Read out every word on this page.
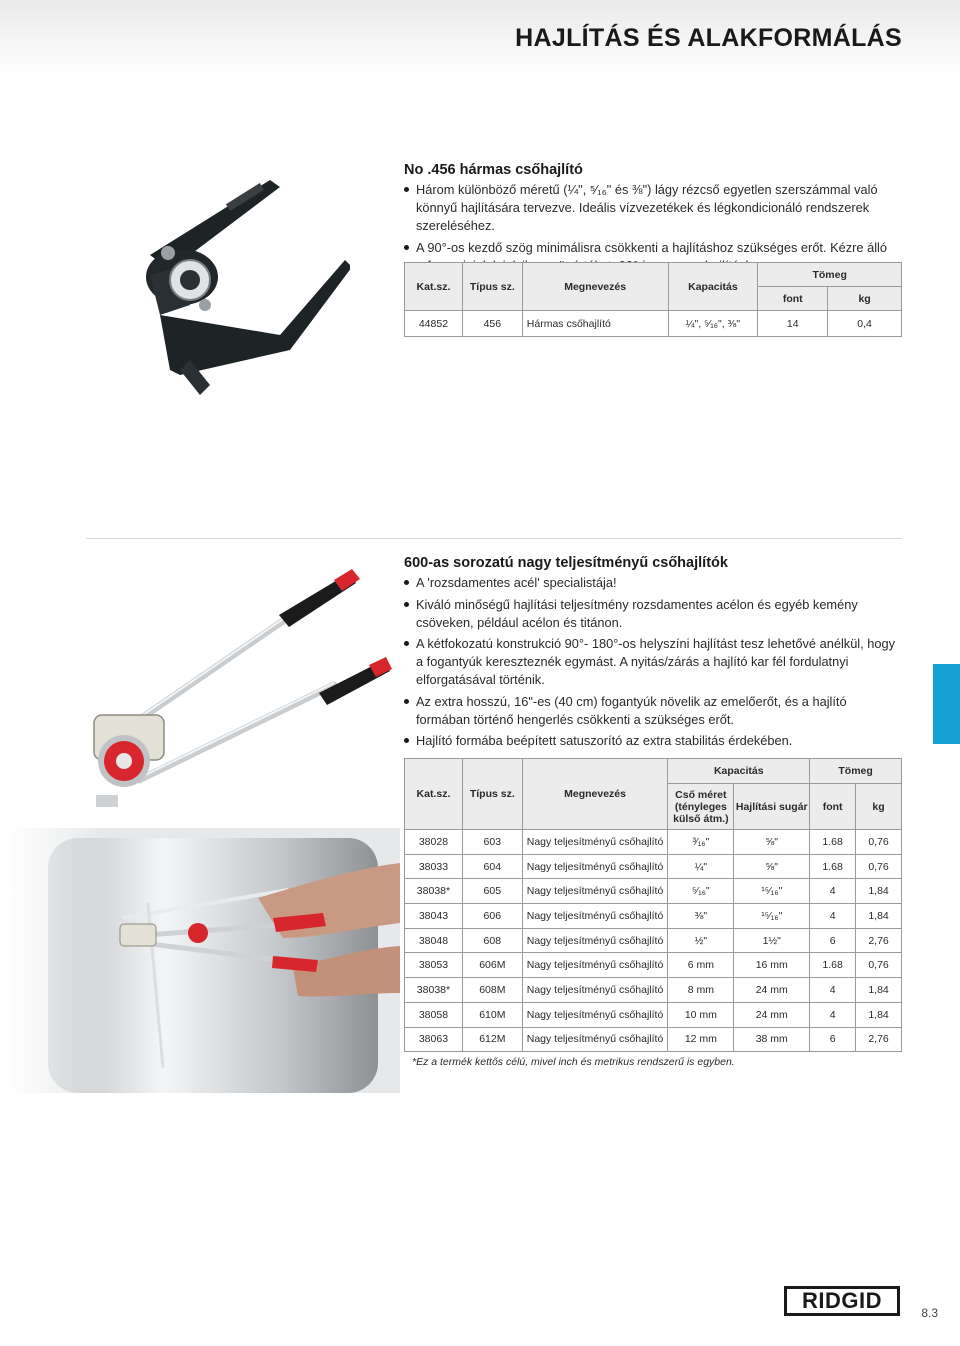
HAJLÍTÁS ÉS ALAKFORMÁLÁS
No .456 hármas csőhajlító
Három különböző méretű (¼", ⁵⁄₁₆" és ⅜") lágy rézcső egyetlen szerszámmal való könnyű hajlítására tervezve. Ideális vízvezetékek és légkondicionáló rendszerek szereléséhez.
A 90°-os kezdő szög minimálisra csökkenti a hajlításhoz szükséges erőt. Kézre álló
Kat.sz.	Típus sz.	Megnevezés	Kapacitás	Tömeg	
				font	kg
44852	456	Hármas csőhajlító	¼", ⁵⁄₁₆", ⅜"	14	0,4
600-as sorozatú nagy teljesítményű csőhajlítók
A 'rozsdamentes acél' specialistája!
Kiváló minőségű hajlítási teljesítmény rozsdamentes acélon és egyéb kemény csöveken, például acélon és titánon.
A kétfokozatú konstrukció 90°- 180°-os helyszíni hajlítást tesz lehetővé anélkül, hogy a fogantyúk kereszteznék egymást. A nyitás/zárás a hajlító kar fél fordulatnyi elforgatásával történik.
Az extra hosszú, 16"-es (40 cm) fogantyúk növelik az emelőerőt, és a hajlító formában történő hengerlés csökkenti a szükséges erőt.
Hajlító formába beépített satuszorító az extra stabilitás érdekében.
Kat.sz.	Típus sz.	Megnevezés	Kapacitás		Tömeg	
			Cső méret (tényleges külső átm.)	Hajlítási sugár	font	kg
38028	603	Nagy teljesítményű csőhajlító	³⁄₁₆"	⅝"	1.68	0,76
38033	604	Nagy teljesítményű csőhajlító	¼"	⅝"	1.68	0,76
38038*	605	Nagy teljesítményű csőhajlító	⁵⁄₁₆"	¹⁵⁄₁₆"	4	1,84
38043	606	Nagy teljesítményű csőhajlító	⅜"	¹⁵⁄₁₆"	4	1,84
38048	608	Nagy teljesítményű csőhajlító	½"	1½"	6	2,76
38053	606M	Nagy teljesítményű csőhajlító	6 mm	16 mm	1.68	0,76
38038*	608M	Nagy teljesítményű csőhajlító	8 mm	24 mm	4	1,84
38058	610M	Nagy teljesítményű csőhajlító	10 mm	24 mm	4	1,84
38063	612M	Nagy teljesítményű csőhajlító	12 mm	38 mm	6	2,76
*Ez a termék kettős célú, mivel inch és metrikus rendszerű is egyben.
RIDGID	8.3
